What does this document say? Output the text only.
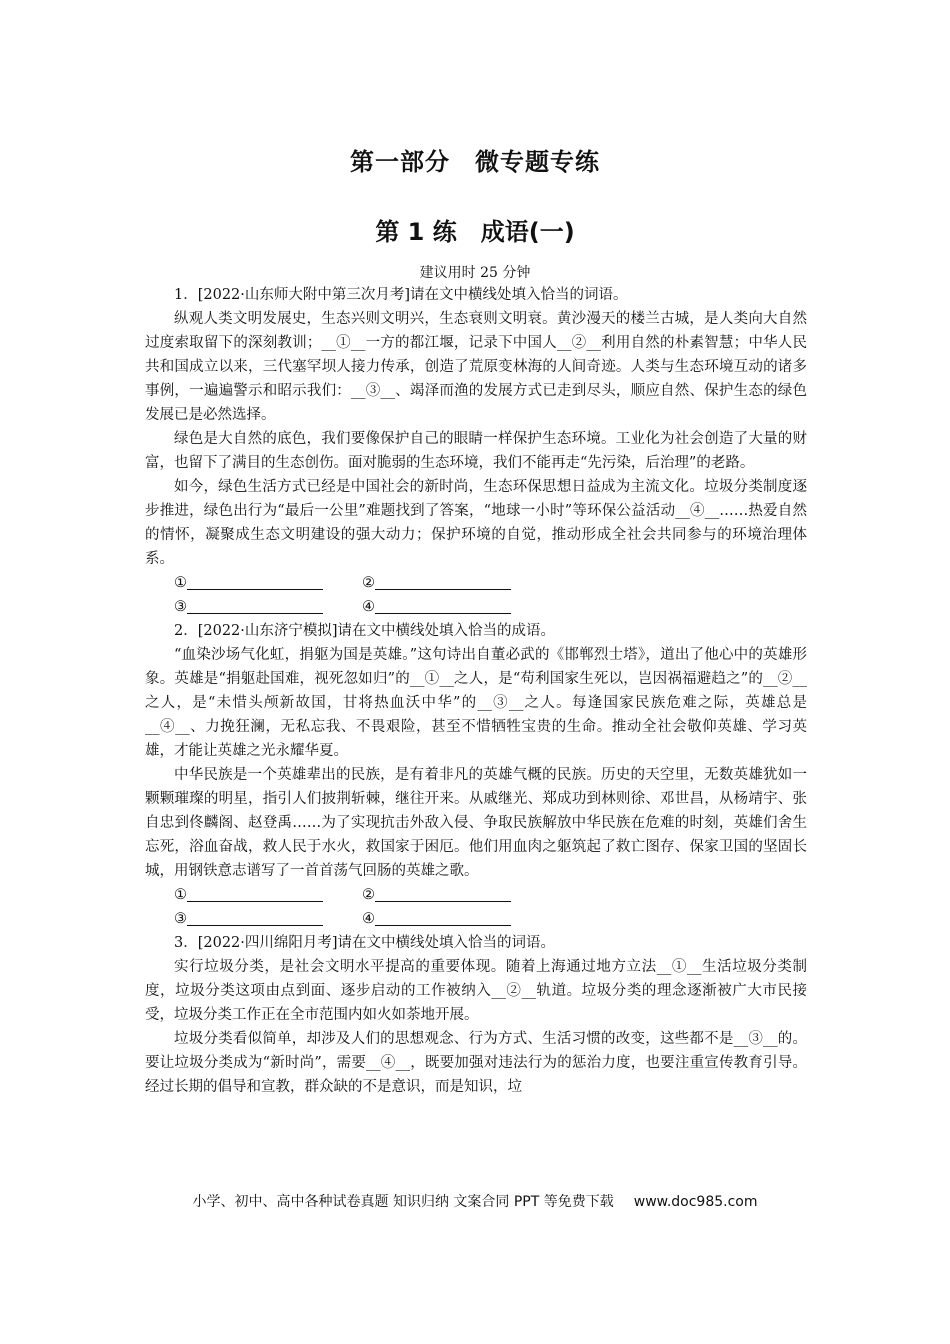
第一部分　微专题专练
第 1 练　成语(一)
建议用时 25 分钟

1．[2022·山东师大附中第三次月考]请在文中横线处填入恰当的词语。

纵观人类文明发展史，生态兴则文明兴，生态衰则文明衰。黄沙漫天的楼兰古城，是人类向大自然过度索取留下的深刻教训；__①__一方的都江堰，记录下中国人__②__利用自然的朴素智慧；中华人民共和国成立以来，三代塞罕坝人接力传承，创造了荒原变林海的人间奇迹。人类与生态环境互动的诸多事例，一遍遍警示和昭示我们：__③__、竭泽而渔的发展方式已走到尽头，顺应自然、保护生态的绿色发展已是必然选择。

绿色是大自然的底色，我们要像保护自己的眼睛一样保护生态环境。工业化为社会创造了大量的财富，也留下了满目的生态创伤。面对脆弱的生态环境，我们不能再走“先污染，后治理”的老路。

如今，绿色生活方式已经是中国社会的新时尚，生态环保思想日益成为主流文化。垃圾分类制度逐步推进，绿色出行为“最后一公里”难题找到了答案，“地球一小时”等环保公益活动__④__……热爱自然的情怀，凝聚成生态文明建设的强大动力；保护环境的自觉，推动形成全社会共同参与的环境治理体系。

①	②
③	④

2．[2022·山东济宁模拟]请在文中横线处填入恰当的成语。

“血染沙场气化虹，捐躯为国是英雄。”这句诗出自董必武的《邯郸烈士塔》，道出了他心中的英雄形象。英雄是“捐躯赴国难，视死忽如归”的__①__之人，是“苟利国家生死以，岂因祸福避趋之”的__②__之人，是“未惜头颅新故国，甘将热血沃中华”的__③__之人。每逢国家民族危难之际，英雄总是__④__、力挽狂澜，无私忘我、不畏艰险，甚至不惜牺牲宝贵的生命。推动全社会敬仰英雄、学习英雄，才能让英雄之光永耀华夏。

中华民族是一个英雄辈出的民族，是有着非凡的英雄气概的民族。历史的天空里，无数英雄犹如一颗颗璀璨的明星，指引人们披荆斩棘，继往开来。从戚继光、郑成功到林则徐、邓世昌，从杨靖宇、张自忠到佟麟阁、赵登禹……为了实现抗击外敌入侵、争取民族解放中华民族在危难的时刻，英雄们舍生忘死，浴血奋战，救人民于水火，救国家于困厄。他们用血肉之躯筑起了救亡图存、保家卫国的坚固长城，用钢铁意志谱写了一首首荡气回肠的英雄之歌。

①	②
③	④

3．[2022·四川绵阳月考]请在文中横线处填入恰当的词语。

实行垃圾分类，是社会文明水平提高的重要体现。随着上海通过地方立法__①__生活垃圾分类制度，垃圾分类这项由点到面、逐步启动的工作被纳入__②__轨道。垃圾分类的理念逐渐被广大市民接受，垃圾分类工作正在全市范围内如火如荼地开展。

垃圾分类看似简单，却涉及人们的思想观念、行为方式、生活习惯的改变，这些都不是__③__的。要让垃圾分类成为“新时尚”，需要__④__，既要加强对违法行为的惩治力度，也要注重宣传教育引导。经过长期的倡导和宣教，群众缺的不是意识，而是知识，垃

小学、初中、高中各种试卷真题 知识归纳 文案合同 PPT 等免费下载 www.doc985.com
